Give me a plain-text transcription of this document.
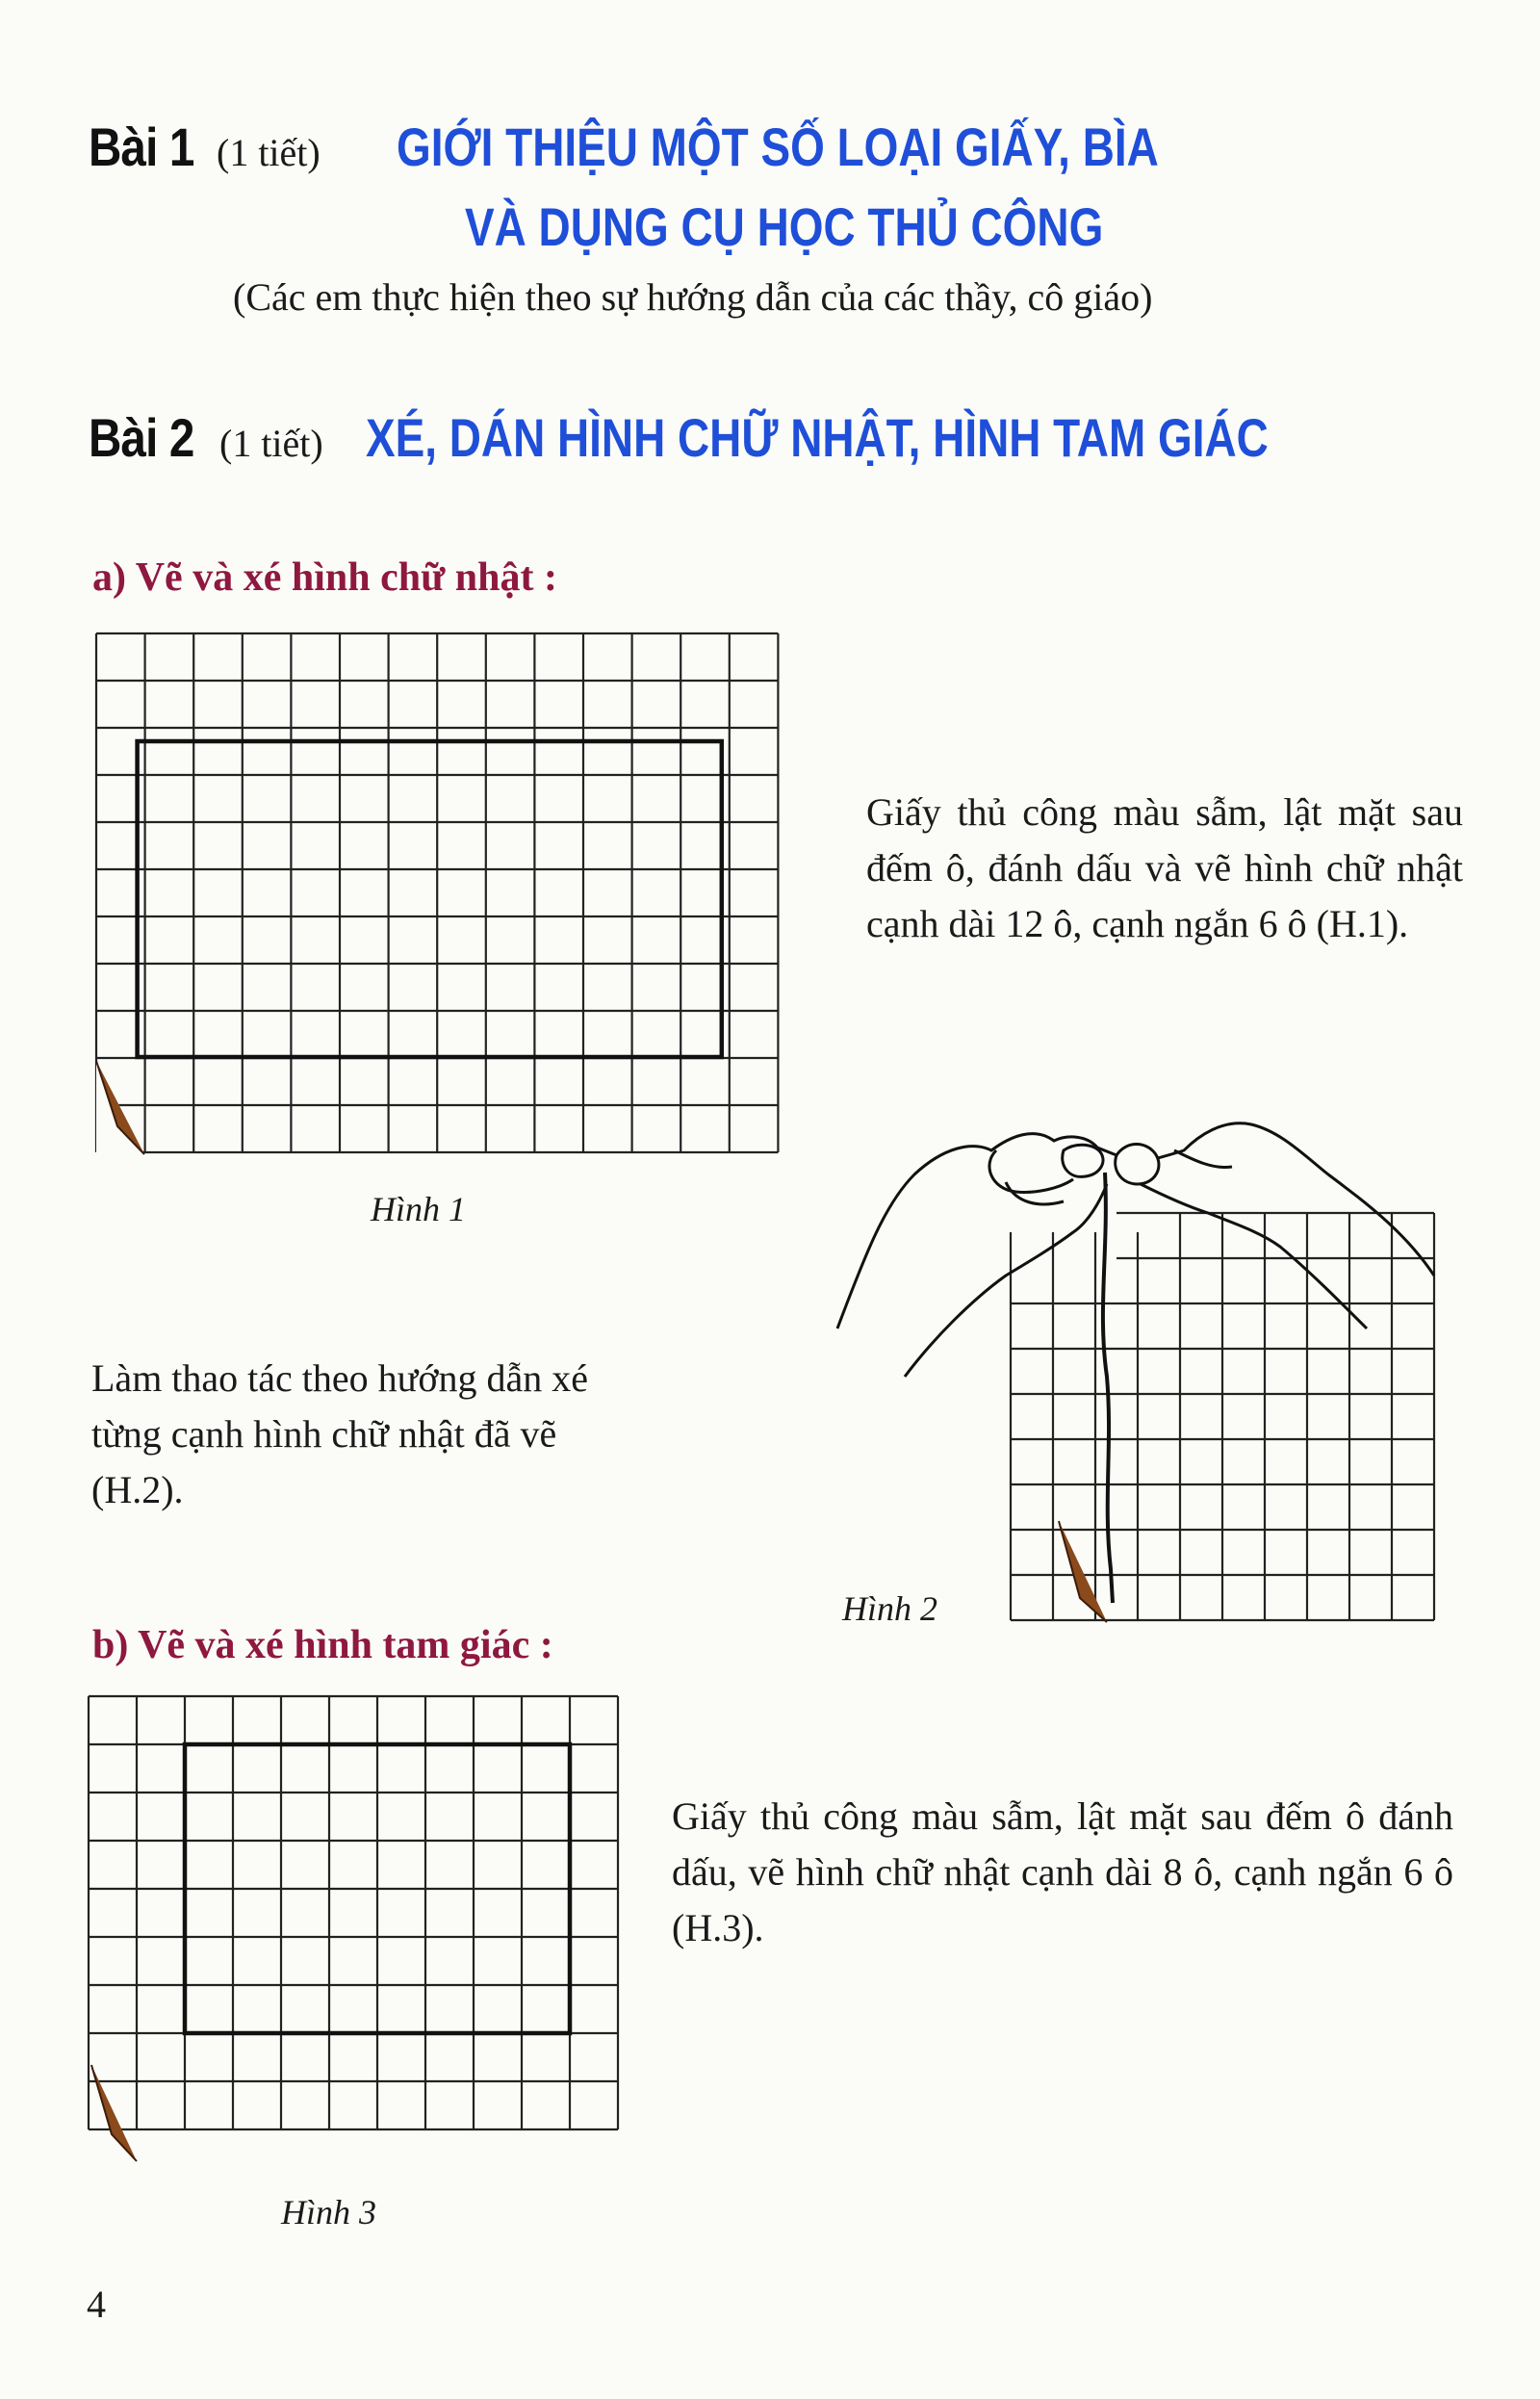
Bài 1 (1 tiết) GIỚI THIỆU MỘT SỐ LOẠI GIẤY, BÌA
VÀ DỤNG CỤ HỌC THỦ CÔNG
(Các em thực hiện theo sự hướng dẫn của các thầy, cô giáo)
Bài 2 (1 tiết) XÉ, DÁN HÌNH CHỮ NHẬT, HÌNH TAM GIÁC
a) Vẽ và xé hình chữ nhật :
Hình 1
Giấy thủ công màu sẫm, lật mặt sau đếm ô, đánh dấu và vẽ hình chữ nhật cạnh dài 12 ô, cạnh ngắn 6 ô (H.1).
Làm thao tác theo hướng dẫn xé từng cạnh hình chữ nhật đã vẽ (H.2).
Hình 2
b) Vẽ và xé hình tam giác :
Hình 3
Giấy thủ công màu sẫm, lật mặt sau đếm ô đánh dấu, vẽ hình chữ nhật cạnh dài 8 ô, cạnh ngắn 6 ô (H.3).
4
